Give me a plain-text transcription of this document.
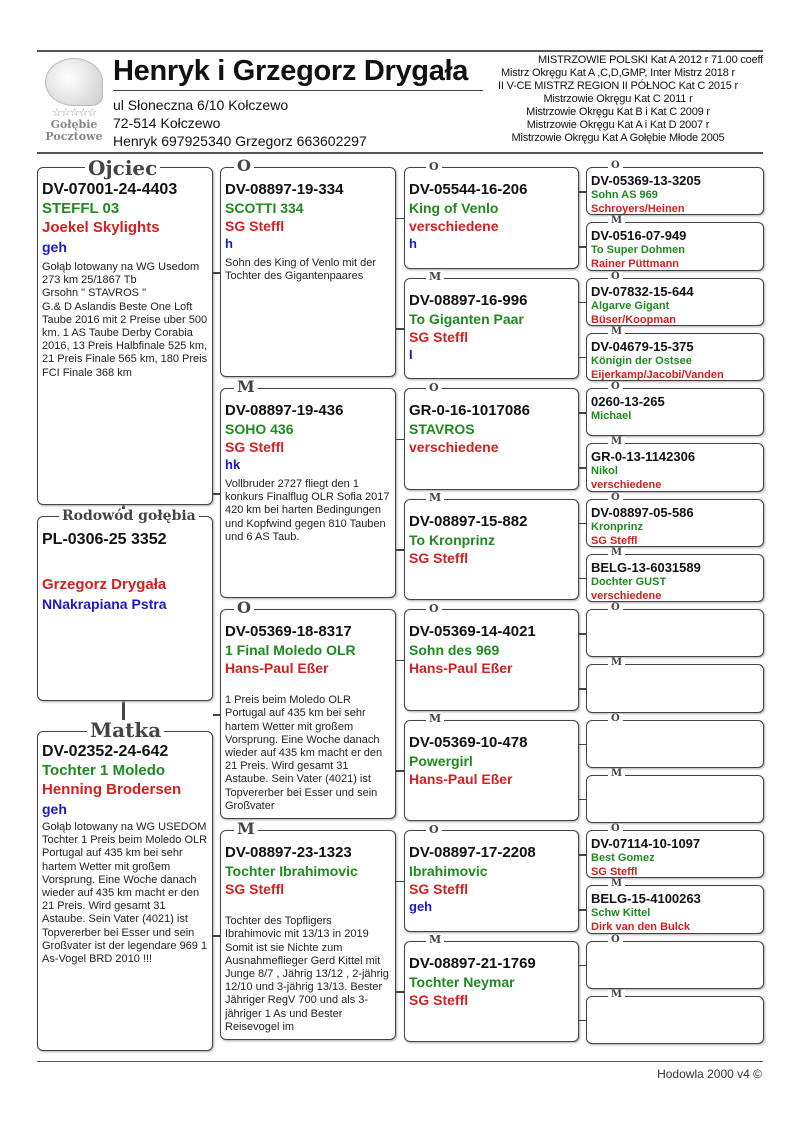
☆☆☆☆☆
Gołębie
Pocztowe
Henryk i Grzegorz Drygała
ul Słoneczna 6/10 Kołczewo
72-514 Kołczewo
Henryk 697925340 Grzegorz 663602297
MISTRZOWIE POLSKI Kat A 2012 r 71.00 coeff
Mistrz Okręgu Kat A ,C,D,GMP, Inter Mistrz 2018 r
II V-CE MISTRZ REGION II PÓŁNOC Kat C 2015 r
Mistrzowie Okręgu Kat C 2011 r
Mistrzowie Okręgu Kat B i Kat C 2009 r
Mistrzowie Okręgu Kat A i Kat D 2007 r
Mistrzowie Okręgu Kat A Gołębie Młode 2005
DV-07001-24-4403
STEFFL 03
Joekel Skylights
geh
Gołąb lotowany na WG Usedom
273 km 25/1867 Tb
Grsohn " STAVROS "
G.& D Aslandis Beste One Loft Taube 2016 mit 2 Preise uber 500 km. 1 AS Taube Derby Corabia 2016, 13 Preis Halbfinale 525 km, 21 Preis Finale 565 km, 180 Preis FCI Finale 368 km
Ojciec
PL-0306-25 3352
Grzegorz Drygała
NNakrapiana Pstra
Rodowód gołębia
DV-02352-24-642
Tochter 1 Moledo
Henning Brodersen
geh
Gołąb lotowany na WG USEDOM
Tochter 1 Preis beim Moledo OLR Portugal auf 435 km bei sehr hartem Wetter mit großem Vorsprung. Eine Woche danach wieder auf 435 km macht er den 21 Preis. Wird gesamt 31 Astaube. Sein Vater (4021) ist Topvererber bei Esser und sein Großvater ist der legendare 969 1 As-Vogel BRD 2010 !!!
Matka
DV-08897-19-334
SCOTTI 334
SG Steffl
h
Sohn des King of Venlo mit der Tochter des Gigantenpaares
O
DV-08897-19-436
SOHO 436
SG Steffl
hk
Vollbruder 2727 fliegt den 1 konkurs Finalflug OLR Sofia 2017 420 km bei harten Bedingungen und Kopfwind gegen 810 Tauben und 6 AS Taub.
M
DV-05369-18-8317
1 Final Moledo OLR
Hans-Paul Eßer

1 Preis beim Moledo OLR Portugal auf 435 km bei sehr hartem Wetter mit großem Vorsprung. Eine Woche danach wieder auf 435 km macht er den 21 Preis. Wird gesamt 31 Astaube. Sein Vater (4021) ist Topvererber bei Esser und sein Großvater
O
DV-08897-23-1323
Tochter Ibrahimovic
SG Steffl

Tochter des Topfligers Ibrahimovic mit 13/13 in 2019 Somit ist sie Nichte zum Ausnahmeflieger Gerd Kittel mit Junge 8/7 , Jährig 13/12 , 2-jährig 12/10 und 3-jährig 13/13. Bester Jähriger RegV 700 und als 3-jähriger 1 As und Bester Reisevogel im
M
DV-05544-16-206
King of Venlo
verschiedene
h
O
DV-08897-16-996
To Giganten Paar
SG Steffl
I
M
GR-0-16-1017086
STAVROS
verschiedene
O
DV-08897-15-882
To Kronprinz
SG Steffl
M
DV-05369-14-4021
Sohn des 969
Hans-Paul Eßer
O
DV-05369-10-478
Powergirl
Hans-Paul Eßer
M
DV-08897-17-2208
Ibrahimovic
SG Steffl
geh
O
DV-08897-21-1769
Tochter Neymar
SG Steffl
M
DV-05369-13-3205
Sohn AS 969
Schroyers/Heinen
O
DV-0516-07-949
To Super Dohmen
Rainer Püttmann
M
DV-07832-15-644
Algarve Gigant
Büser/Koopman
O
DV-04679-15-375
Königin der Ostsee
Eijerkamp/Jacobi/Vanden
M
0260-13-265
Michael
O
GR-0-13-1142306
Nikol
verschiedene
M
DV-08897-05-586
Kronprinz
SG Steffl
O
BELG-13-6031589
Dochter GUST
verschiedene
M
O
M
O
M
DV-07114-10-1097
Best Gomez
SG Steffl
O
BELG-15-4100263
Schw Kittel
Dirk van den Bulck
M
O
M
Hodowla 2000 v4 ©
